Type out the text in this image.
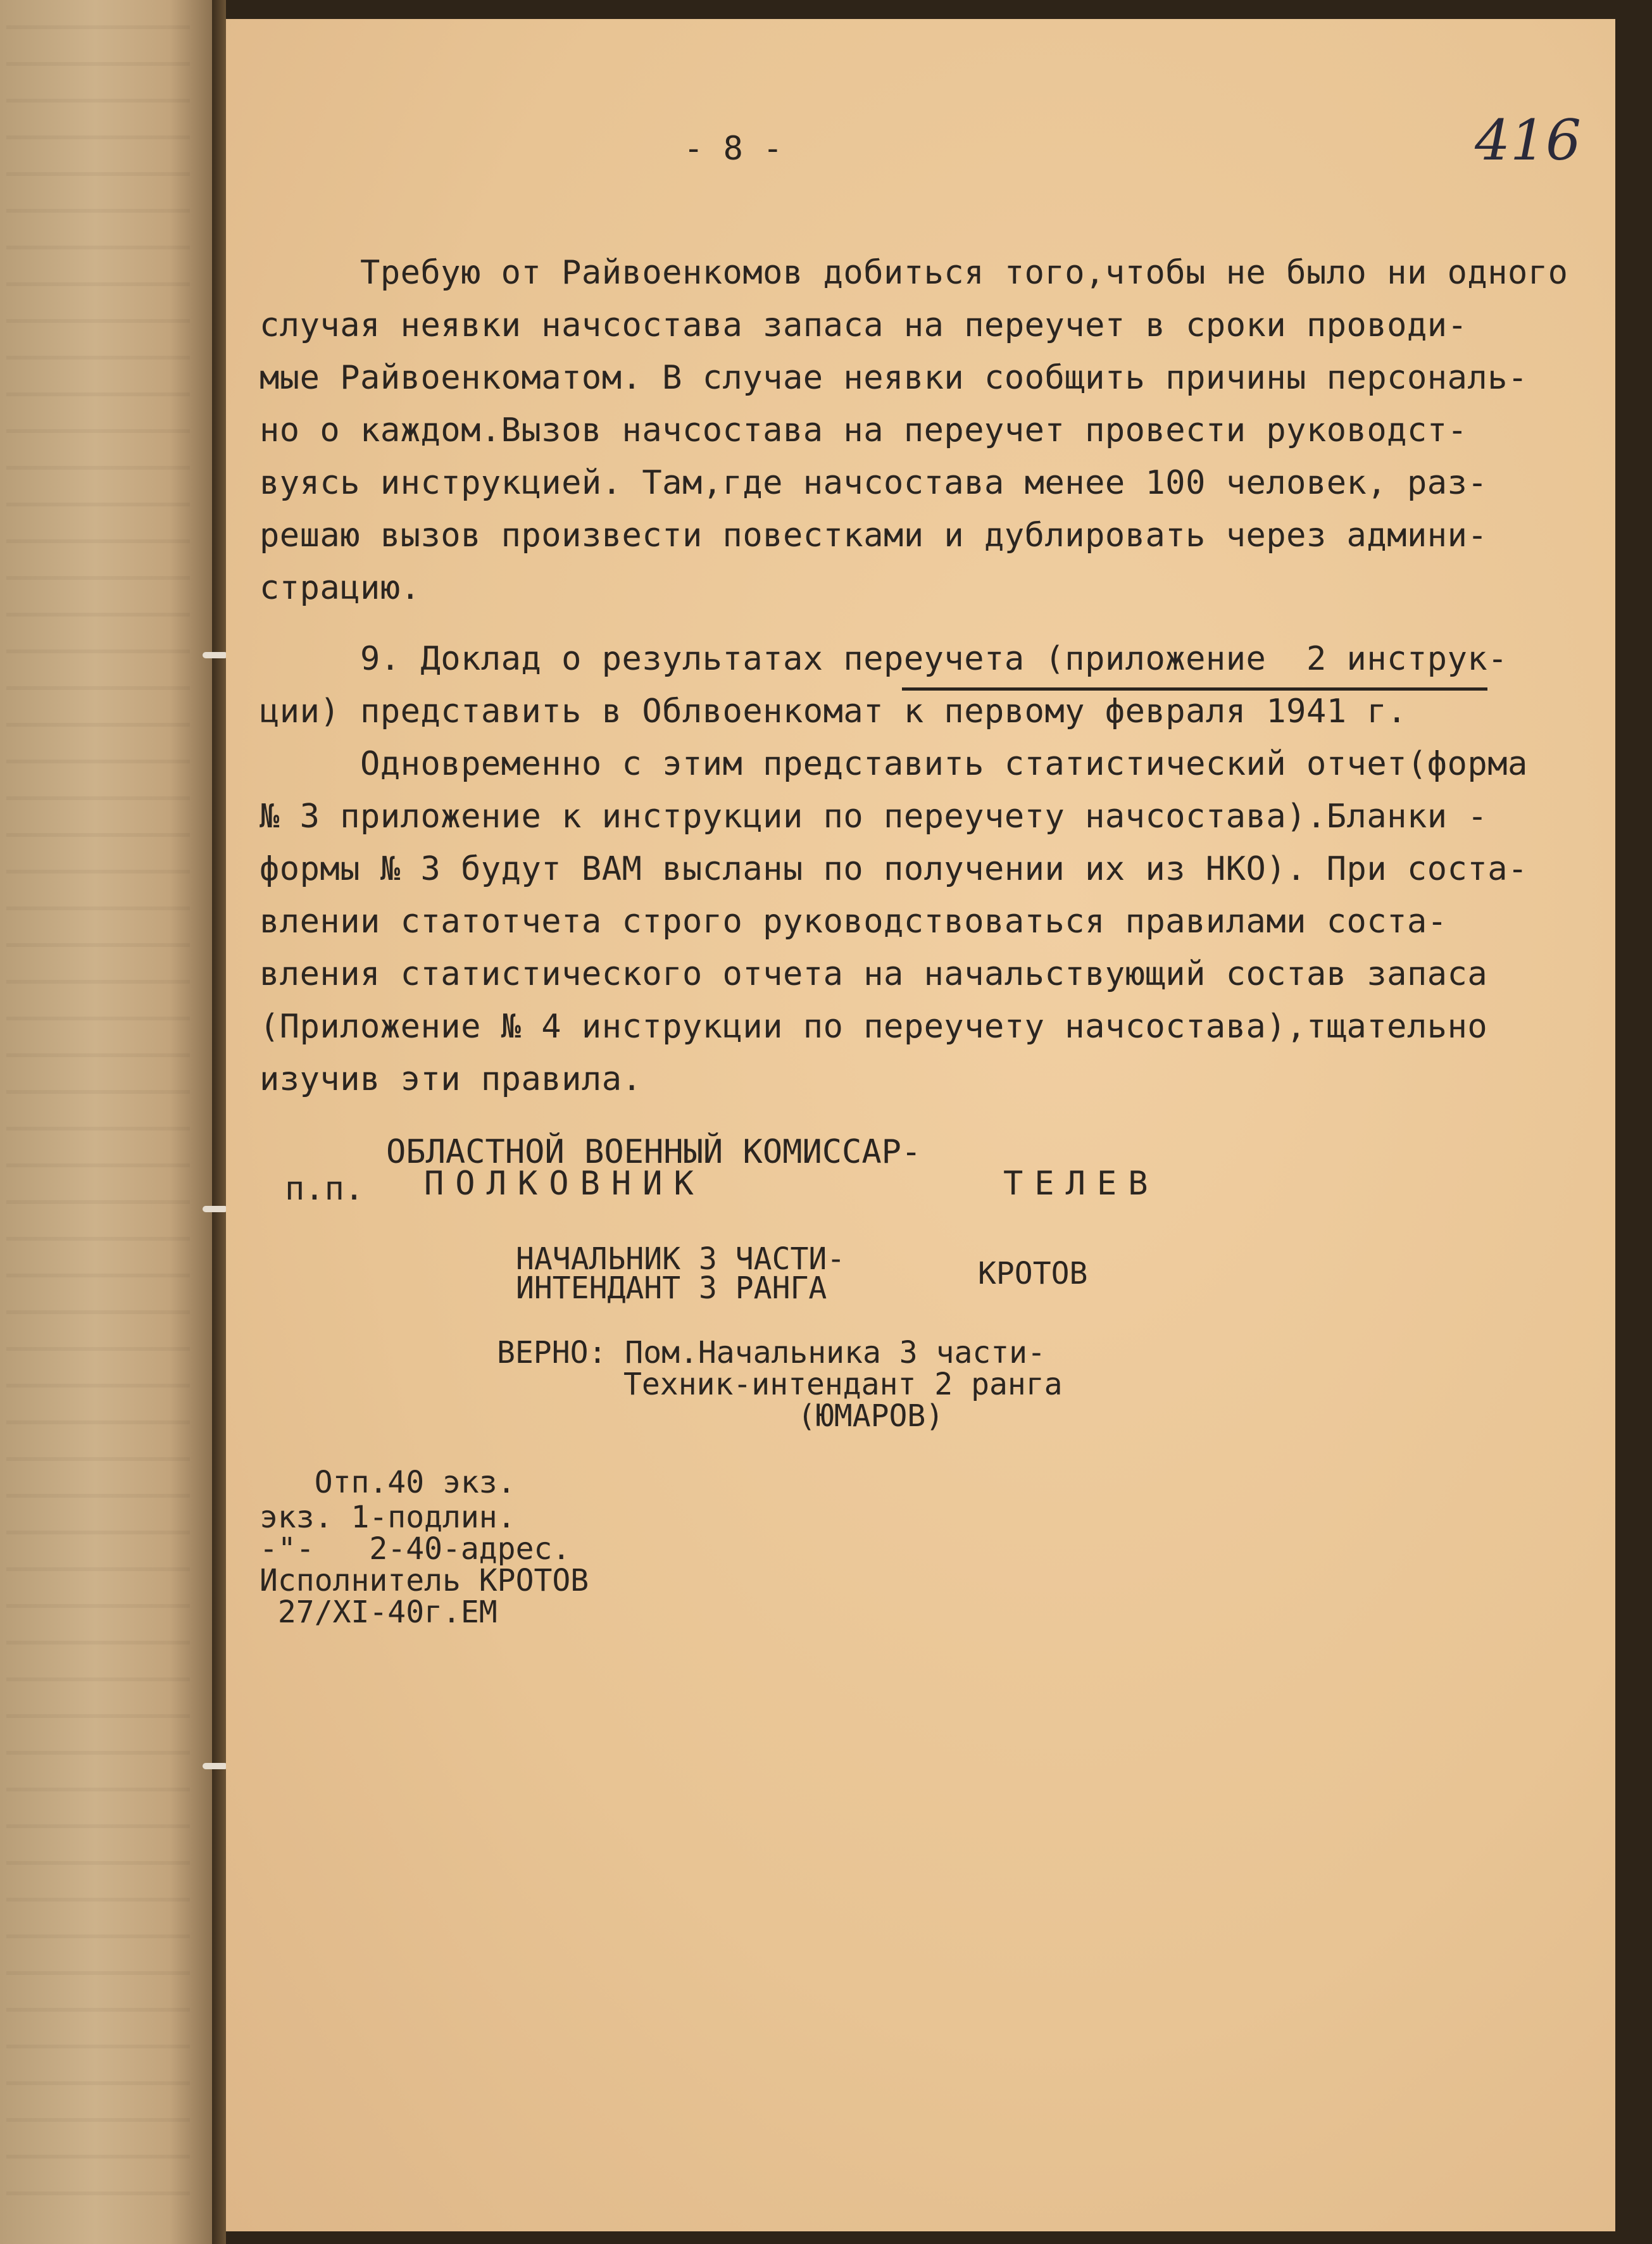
416
- 8 -
Требую от Райвоенкомов добиться того,чтобы не было ни одного
случая неявки начсостава запаса на переучет в сроки проводи-
мые Райвоенкоматом. В случае неявки сообщить причины персональ-
но о каждом.Вызов начсостава на переучет провести руководст-
вуясь инструкцией. Там,где начсостава менее 100 человек, раз-
решаю вызов произвести повестками и дублировать через админи-
страцию.
9. Доклад о результатах переучета (приложение  2 инструк-
ции) представить в Облвоенкомат к первому февраля 1941 г.
Одновременно с этим представить статистический отчет(форма
№ 3 приложение к инструкции по переучету начсостава).Бланки -
формы № 3 будут ВАМ высланы по получении их из НКО). При соста-
влении статотчета строго руководствоваться правилами соста-
вления статистического отчета на начальствующий состав запаса
(Приложение № 4 инструкции по переучету начсостава),тщательно
изучив эти правила.
ОБЛАСТНОЙ ВОЕННЫЙ КОМИССАР-
п.п. ПОЛКОВНИК	ТЕЛЕВ
НАЧАЛЬНИК 3 ЧАСТИ-
ИНТЕНДАНТ 3 РАНГА	КРОТОВ
ВЕРНО: Пом.Начальника 3 части-
Техник-интендант 2 ранга
(ЮМАРОВ)
Отп.40 экз.
экз. 1-подлин.
-"-   2-40-адрес.
Исполнитель КРОТОВ
27/XI-40г.ЕМ
